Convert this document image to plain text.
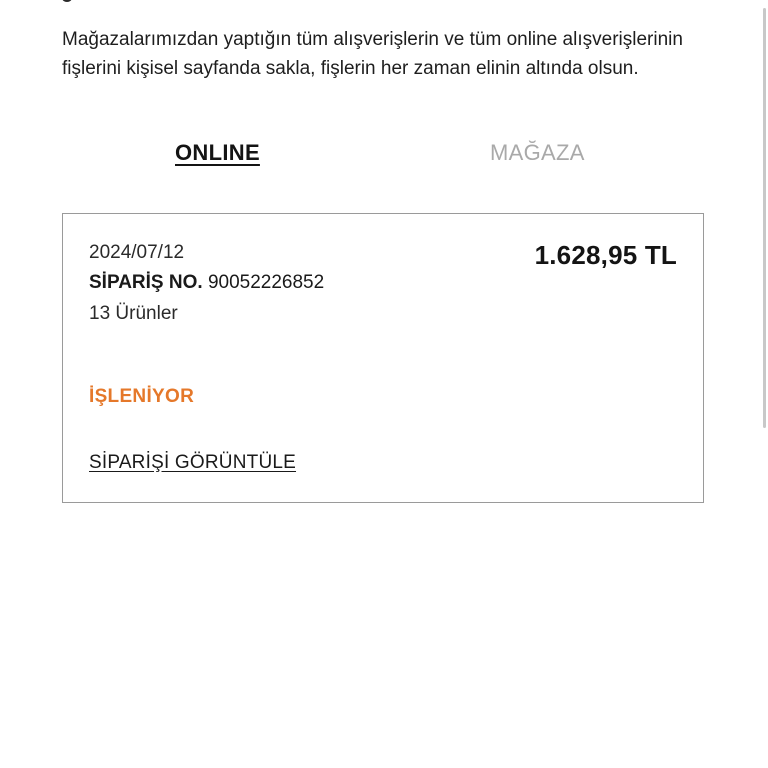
Mağazalarımızdan yaptığın tüm alışverişlerin ve tüm online alışverişlerinin fişlerini kişisel sayfanda sakla, fişlerin her zaman elinin altında olsun.

ONLINE	MAĞAZA
2024/07/12
SİPARİŞ NO. 90052226852
13 Ürünler
1.628,95 TL
İŞLENİYOR
SİPARİŞİ GÖRÜNTÜLE
